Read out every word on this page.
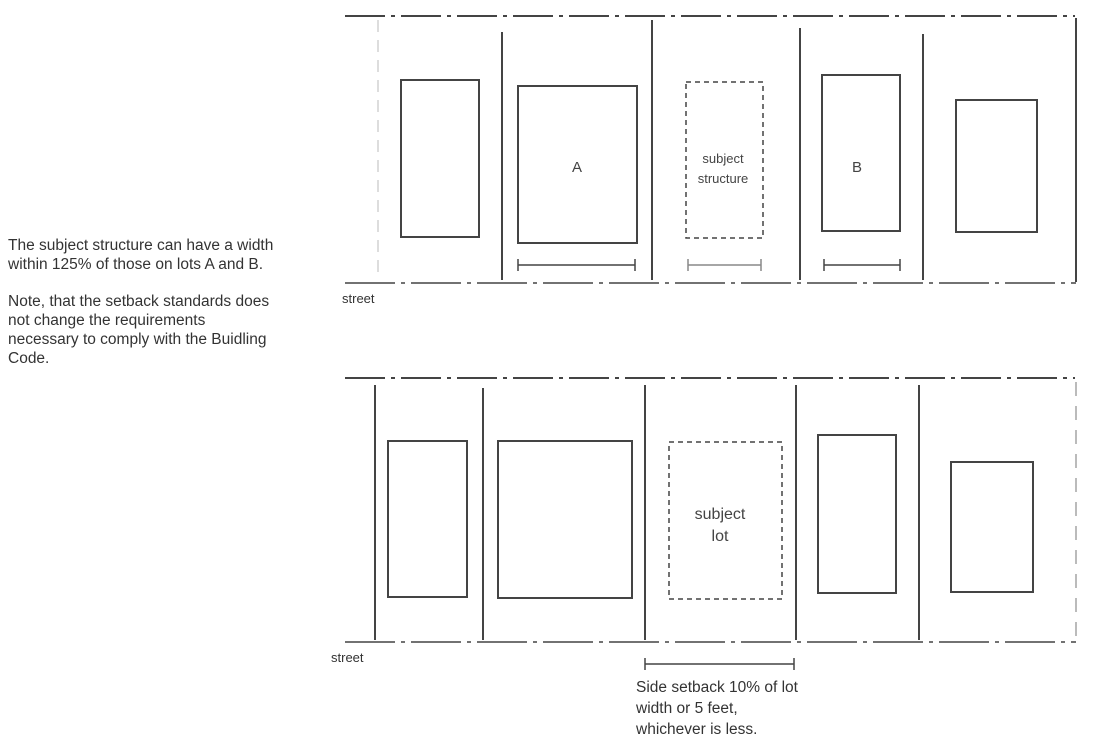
The subject structure can have a width
within 125% of those on lots A and B.

Note, that the setback standards does
not change the requirements
necessary to comply with the Buidling
Code.

A	B
subject
structure
subject
lot
street
street
Side setback 10% of lot
width or 5 feet,
whichever is less.
